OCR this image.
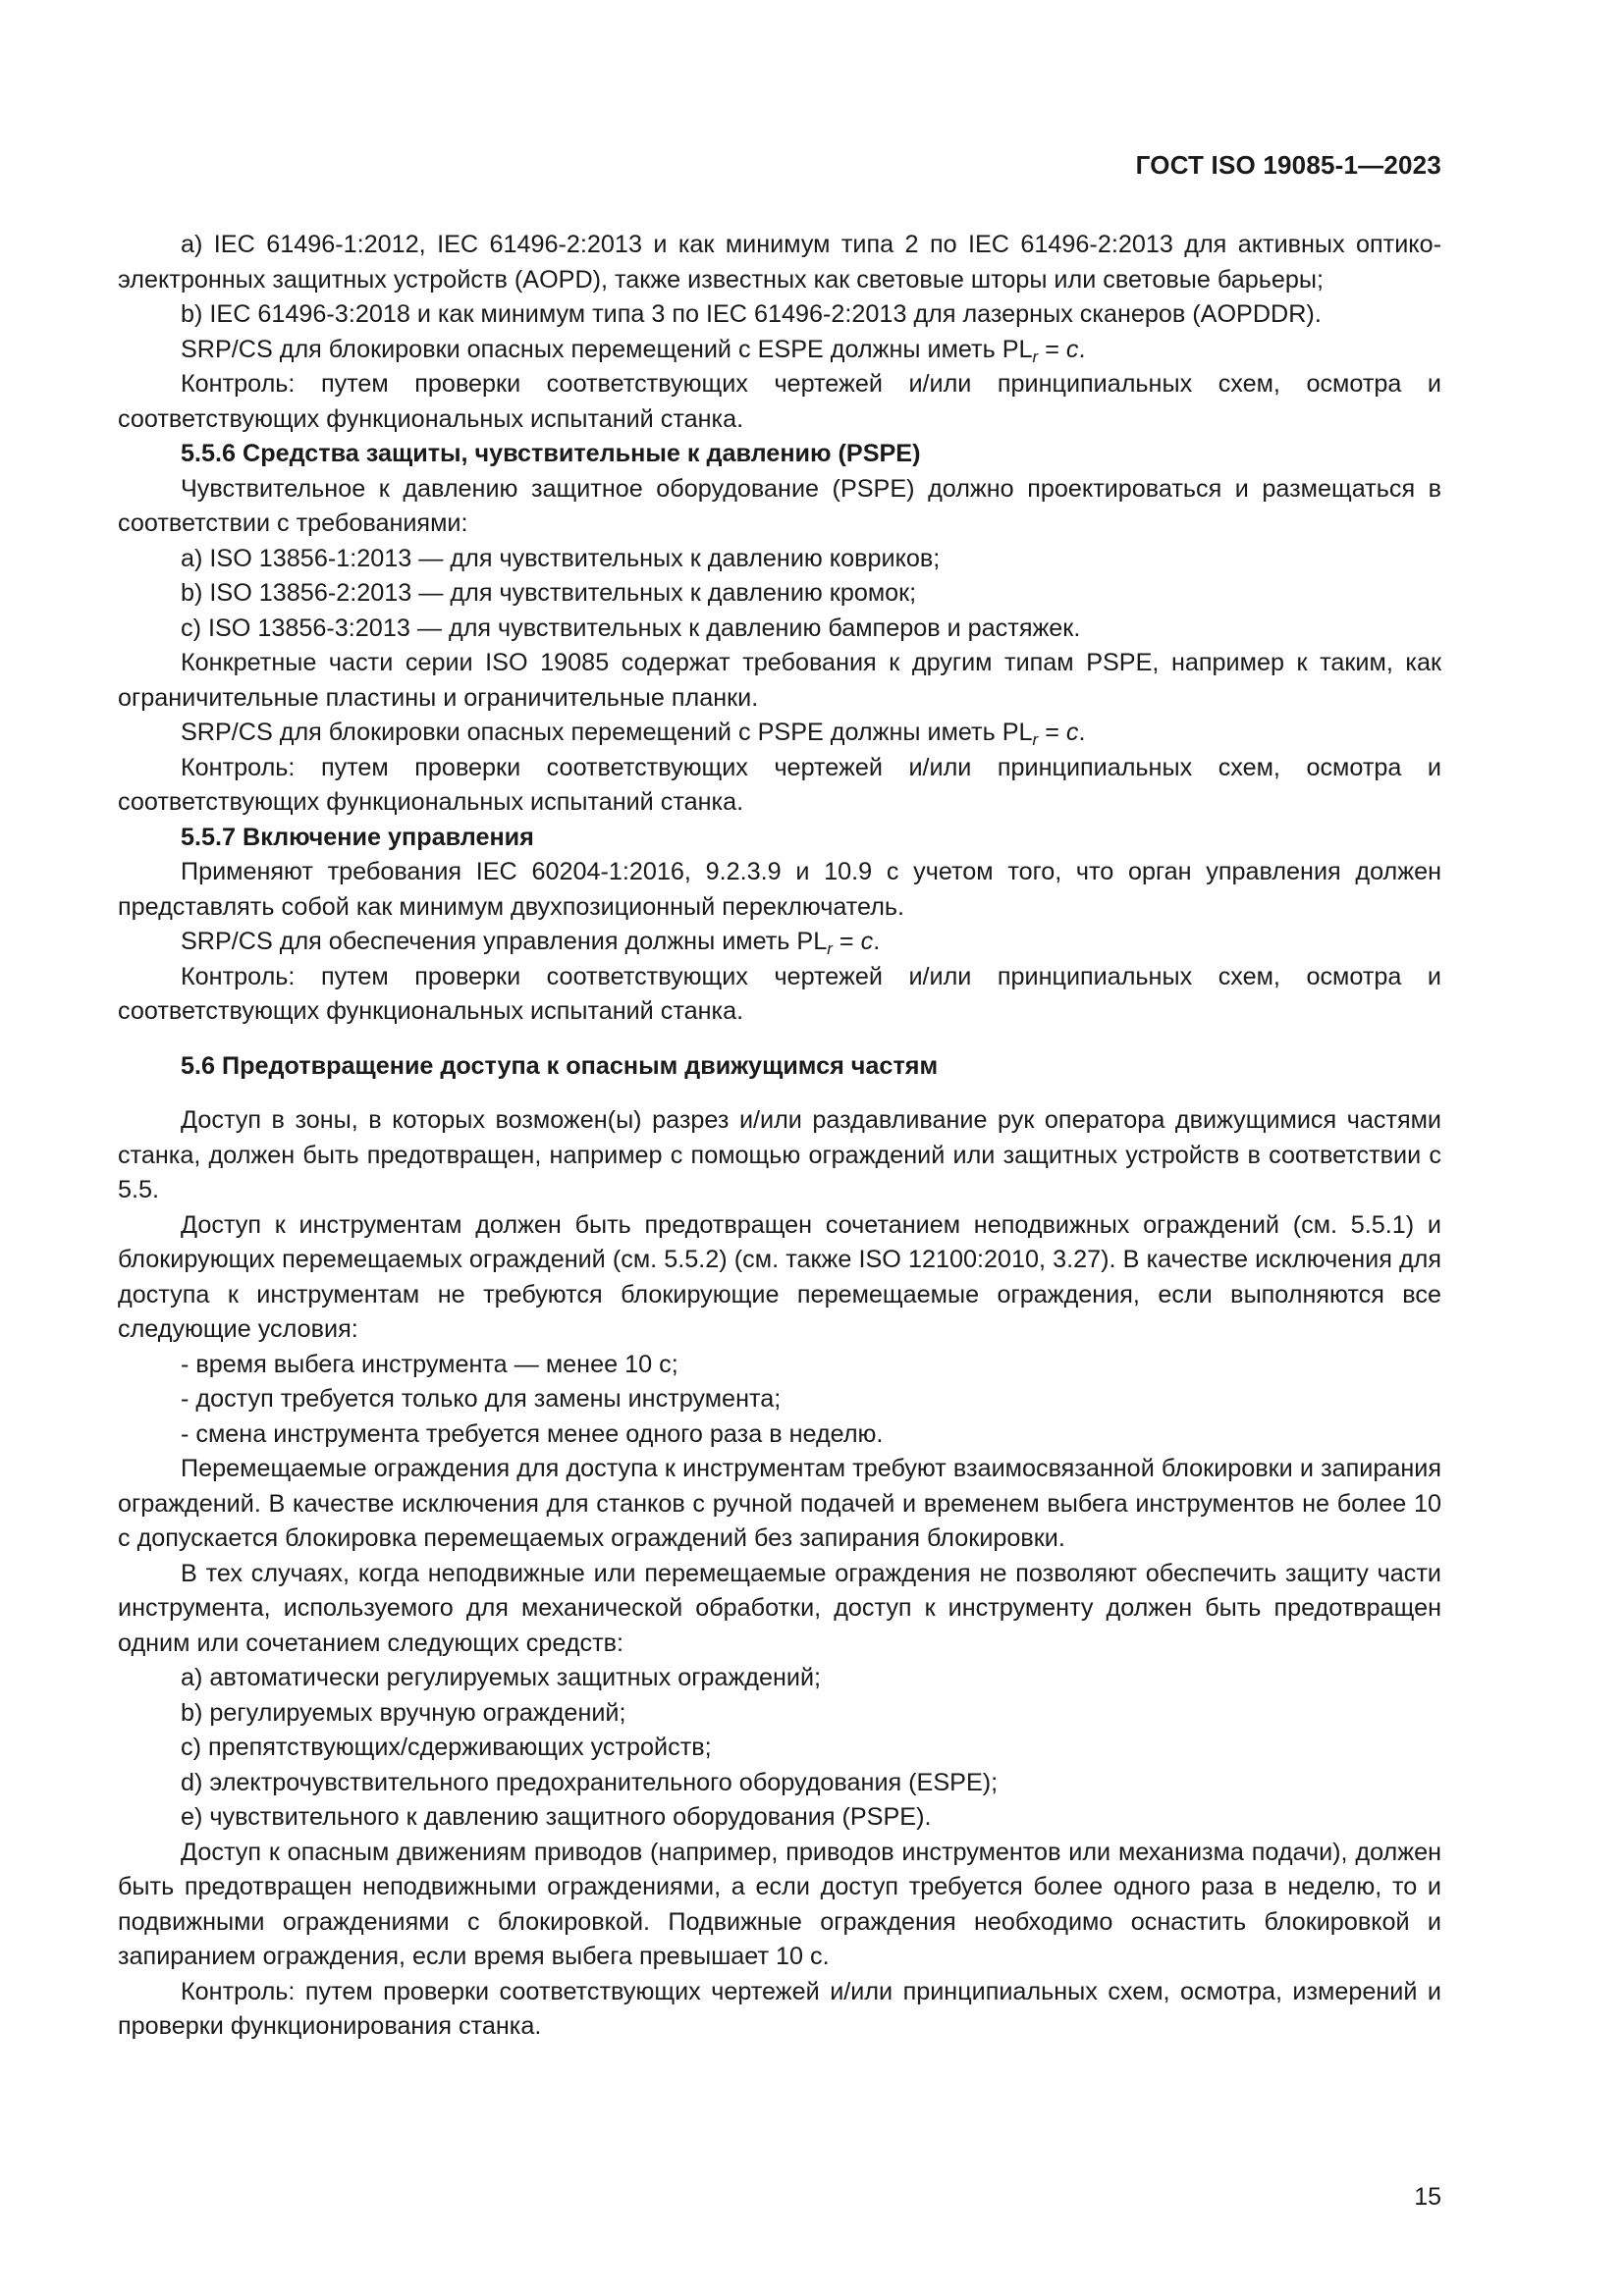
ГОСТ ISO 19085-1—2023

а) IEC 61496-1:2012, IEC 61496-2:2013 и как минимум типа 2 по IEC 61496-2:2013 для активных оптико-электронных защитных устройств (AOPD), также известных как световые шторы или световые барьеры;

b) IEC 61496-3:2018 и как минимум типа 3 по IEC 61496-2:2013 для лазерных сканеров (AOPDDR).

SRP/CS для блокировки опасных перемещений с ESPE должны иметь $PL_r = c$.

Контроль: путем проверки соответствующих чертежей и/или принципиальных схем, осмотра и соответствующих функциональных испытаний станка.

5.5.6 Средства защиты, чувствительные к давлению (PSPE)

Чувствительное к давлению защитное оборудование (PSPE) должно проектироваться и размещаться в соответствии с требованиями:

а) ISO 13856-1:2013 — для чувствительных к давлению ковриков;

b) ISO 13856-2:2013 — для чувствительных к давлению кромок;

с) ISO 13856-3:2013 — для чувствительных к давлению бамперов и растяжек.

Конкретные части серии ISO 19085 содержат требования к другим типам PSPE, например к таким, как ограничительные пластины и ограничительные планки.

SRP/CS для блокировки опасных перемещений с PSPE должны иметь $PL_r = c$.

Контроль: путем проверки соответствующих чертежей и/или принципиальных схем, осмотра и соответствующих функциональных испытаний станка.

5.5.7 Включение управления

Применяют требования IEC 60204-1:2016, 9.2.3.9 и 10.9 с учетом того, что орган управления должен представлять собой как минимум двухпозиционный переключатель.

SRP/CS для обеспечения управления должны иметь $PL_r = c$.

Контроль: путем проверки соответствующих чертежей и/или принципиальных схем, осмотра и соответствующих функциональных испытаний станка.

5.6 Предотвращение доступа к опасным движущимся частям

Доступ в зоны, в которых возможен(ы) разрез и/или раздавливание рук оператора движущимися частями станка, должен быть предотвращен, например с помощью ограждений или защитных устройств в соответствии с 5.5.

Доступ к инструментам должен быть предотвращен сочетанием неподвижных ограждений (см. 5.5.1) и блокирующих перемещаемых ограждений (см. 5.5.2) (см. также ISO 12100:2010, 3.27). В качестве исключения для доступа к инструментам не требуются блокирующие перемещаемые ограждения, если выполняются все следующие условия:

- время выбега инструмента — менее 10 с;

- доступ требуется только для замены инструмента;

- смена инструмента требуется менее одного раза в неделю.

Перемещаемые ограждения для доступа к инструментам требуют взаимосвязанной блокировки и запирания ограждений. В качестве исключения для станков с ручной подачей и временем выбега инструментов не более 10 с допускается блокировка перемещаемых ограждений без запирания блокировки.

В тех случаях, когда неподвижные или перемещаемые ограждения не позволяют обеспечить защиту части инструмента, используемого для механической обработки, доступ к инструменту должен быть предотвращен одним или сочетанием следующих средств:

а) автоматически регулируемых защитных ограждений;

b) регулируемых вручную ограждений;

с) препятствующих/сдерживающих устройств;

d) электрочувствительного предохранительного оборудования (ESPE);

е) чувствительного к давлению защитного оборудования (PSPE).

Доступ к опасным движениям приводов (например, приводов инструментов или механизма подачи), должен быть предотвращен неподвижными ограждениями, а если доступ требуется более одного раза в неделю, то и подвижными ограждениями с блокировкой. Подвижные ограждения необходимо оснастить блокировкой и запиранием ограждения, если время выбега превышает 10 с.

Контроль: путем проверки соответствующих чертежей и/или принципиальных схем, осмотра, измерений и проверки функционирования станка.

15
